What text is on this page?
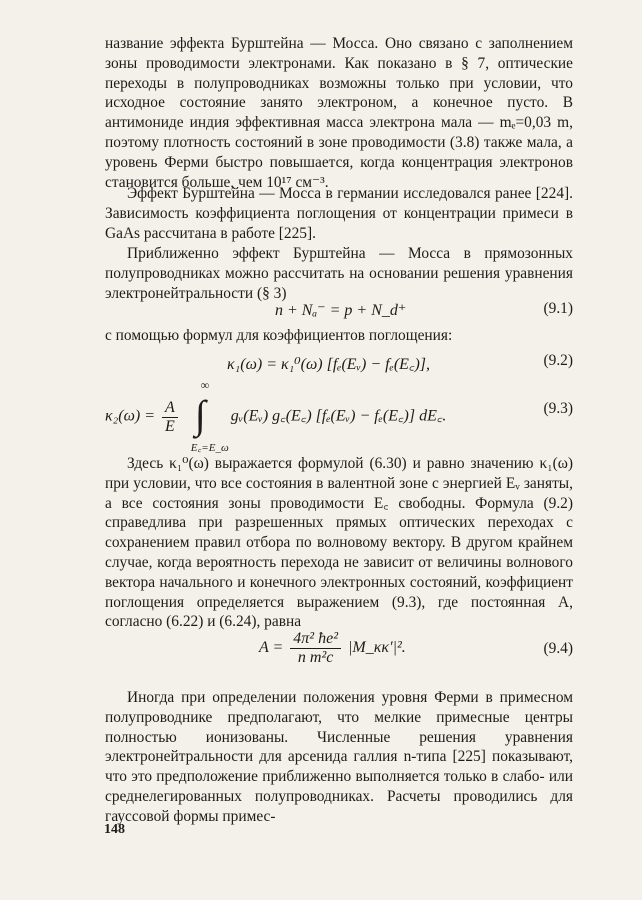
название эффекта Бурштейна — Мосса. Оно связано с заполнением зоны проводимости электронами. Как показано в § 7, оптические переходы в полупроводниках возможны только при условии, что исходное состояние занято электроном, а конечное пусто. В антимониде индия эффективная масса электрона мала — mₑ=0,03 m, поэтому плотность состояний в зоне проводимости (3.8) также мала, а уровень Ферми быстро повышается, когда концентрация электронов становится больше, чем 10¹⁷ см⁻³.

Эффект Бурштейна — Мосса в германии исследовался ранее [224]. Зависимость коэффициента поглощения от концентрации примеси в GaAs рассчитана в работе [225].

Приближенно эффект Бурштейна — Мосса в прямозонных полупроводниках можно рассчитать на основании решения уравнения электронейтральности (§ 3)

n + Nₐ⁻ = p + N_d⁺	(9.1)

с помощью формул для коэффициентов поглощения:

κ₁(ω) = κ₁⁰(ω) [fₑ(Eᵥ) − fₑ(E꜀)],	(9.2)
$\kappa_2(\omega) = \frac{A}{E}$

∞
∫
E꜀=E_ω
gᵥ(Eᵥ) g꜀(E꜀) [fₑ(Eᵥ) − fₑ(E꜀)] dE꜀.	(9.3)

Здесь κ₁⁰(ω) выражается формулой (6.30) и равно значению κ₁(ω) при условии, что все состояния в валентной зоне с энергией Eᵥ заняты, а все состояния зоны проводимости E꜀ свободны. Формула (9.2) справедлива при разрешенных прямых оптических переходах с сохранением правил отбора по волновому вектору. В другом крайнем случае, когда вероятность перехода не зависит от величины волнового вектора начального и конечного электронных состояний, коэффициент поглощения определяется выражением (9.3), где постоянная A, согласно (6.22) и (6.24), равна

$A = \frac{\text{4π² ħe²}}{\text{n m²c}}$ |M_κκ′|².	(9.4)

Иногда при определении положения уровня Ферми в примесном полупроводнике предполагают, что мелкие примесные центры полностью ионизованы. Численные решения уравнения электронейтральности для арсенида галлия n-типа [225] показывают, что это предположение приближенно выполняется только в слабо- или среднелегированных полупроводниках. Расчеты проводились для гауссовой формы примес-

148
